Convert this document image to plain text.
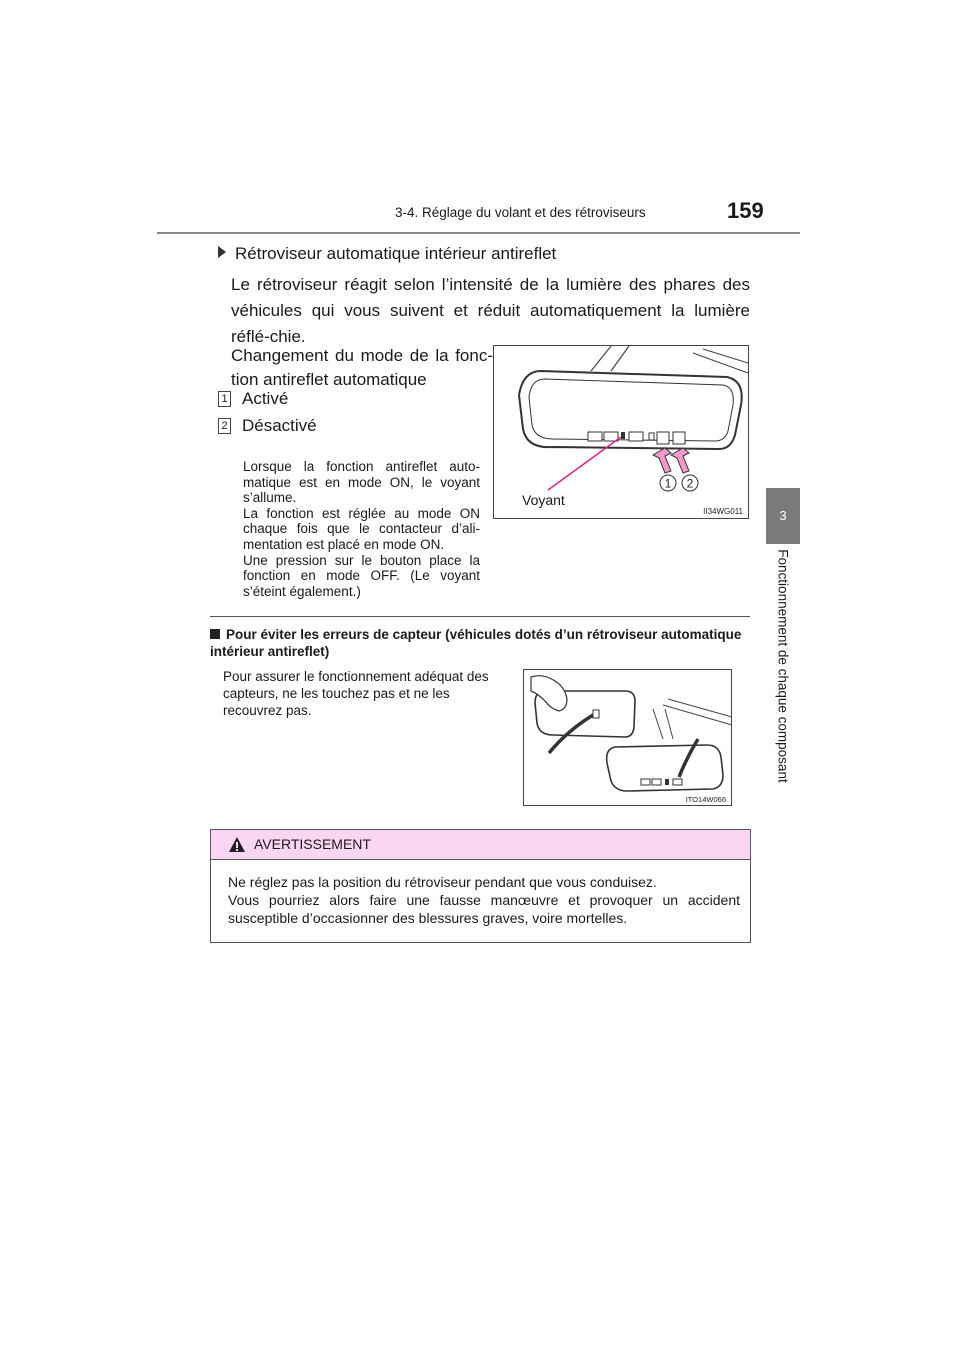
3-4. Réglage du volant et des rétroviseurs	159
3
Fonctionnement de chaque composant
Rétroviseur automatique intérieur antireflet
Le rétroviseur réagit selon l’intensité de la lumière des phares des véhicules qui vous suivent et réduit automatiquement la lumière réflé-chie.
Changement du mode de la fonc-tion antireflet automatique
1 Activé
2 Désactivé
Lorsque la fonction antireflet auto-matique est en mode ON, le voyant s’allume.
La fonction est réglée au mode ON chaque fois que le contacteur d’ali-mentation est placé en mode ON.
Une pression sur le bouton place la fonction en mode OFF. (Le voyant s’éteint également.)
1 2
II34WG011
Voyant
Pour éviter les erreurs de capteur (véhicules dotés d’un rétroviseur automatique intérieur antireflet)
Pour assurer le fonctionnement adéquat des capteurs, ne les touchez pas et ne les recouvrez pas.
ITO14W066
AVERTISSEMENT
Ne réglez pas la position du rétroviseur pendant que vous conduisez.
Vous pourriez alors faire une fausse manœuvre et provoquer un accident susceptible d’occasionner des blessures graves, voire mortelles.
